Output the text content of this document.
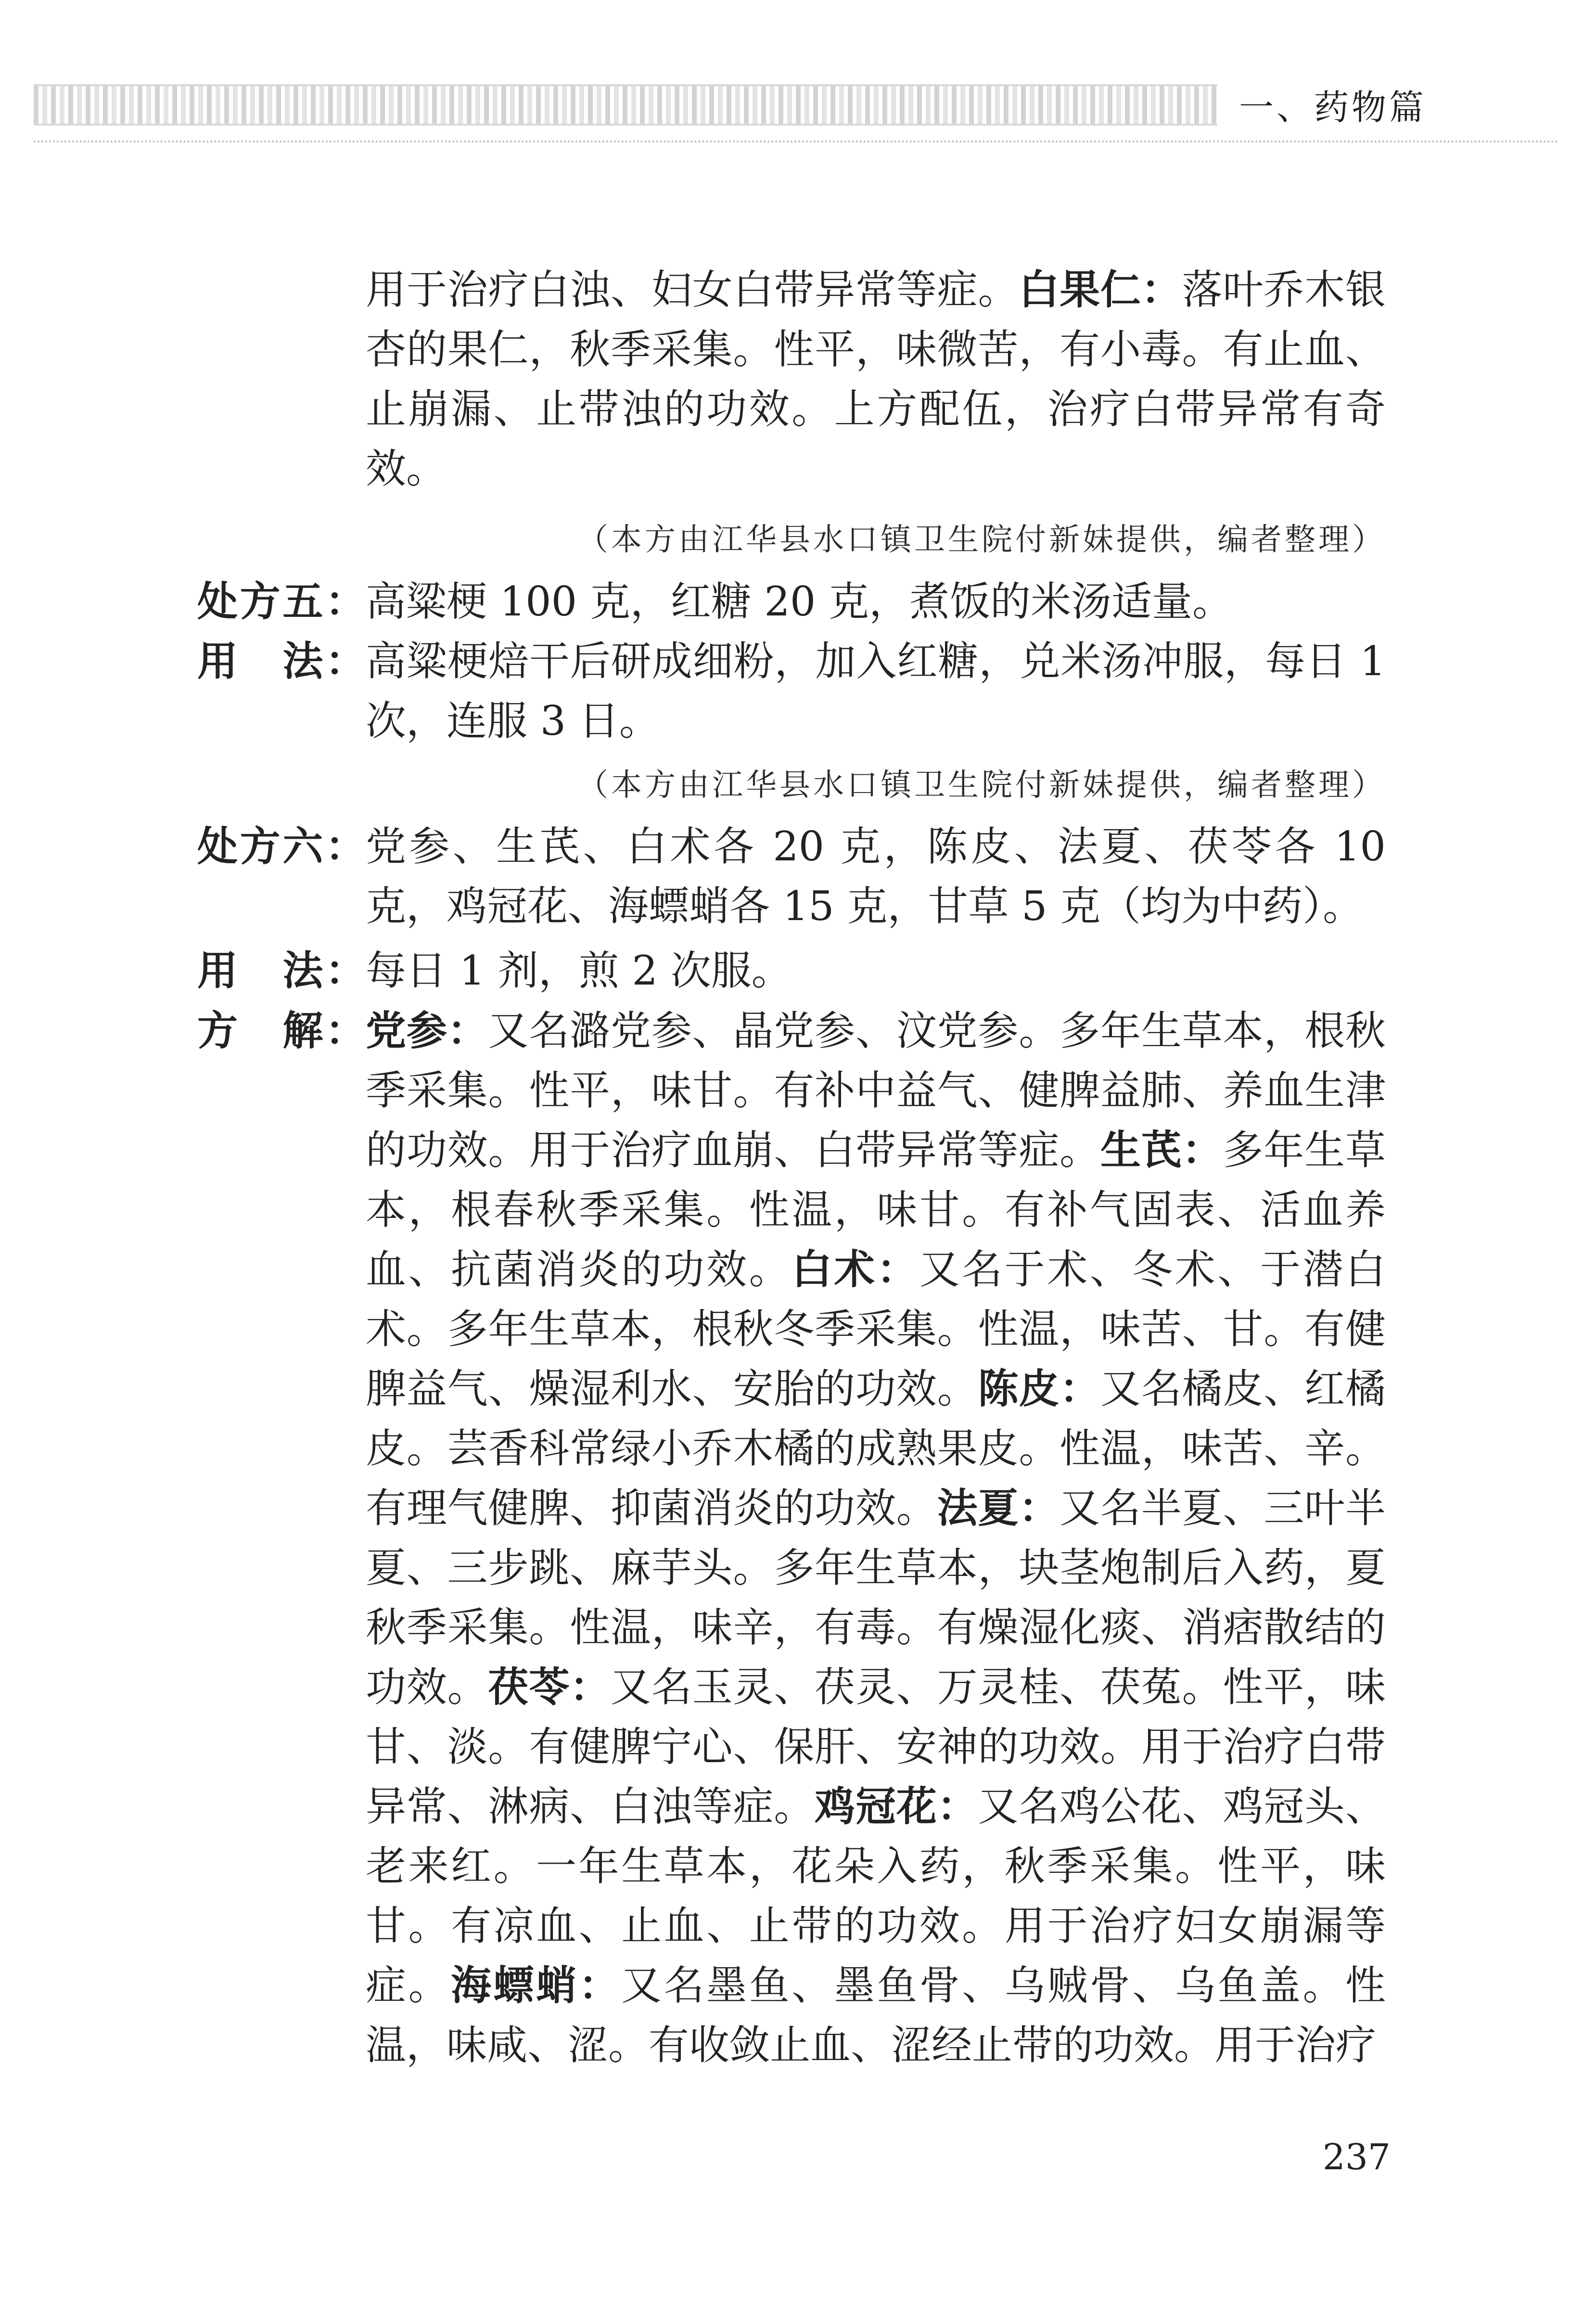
一、药物篇
用于治疗白浊、妇女白带异常等症。白果仁：落叶乔木银杏的果仁，秋季采集。性平，味微苦，有小毒。有止血、止崩漏、止带浊的功效。上方配伍，治疗白带异常有奇效。
（本方由江华县水口镇卫生院付新妹提供，编者整理）
处方五： 高粱梗 100 克，红糖 20 克，煮饭的米汤适量。
用　法： 高粱梗焙干后研成细粉，加入红糖，兑米汤冲服，每日 1 次，连服 3 日。
（本方由江华县水口镇卫生院付新妹提供，编者整理）
处方六： 党参、生芪、白术各 20 克，陈皮、法夏、茯苓各 10 克，鸡冠花、海螵蛸各 15 克，甘草 5 克（均为中药）。
用　法： 每日 1 剂，煎 2 次服。
方　解： 党参：又名潞党参、晶党参、汶党参。多年生草本，根秋季采集。性平，味甘。有补中益气、健脾益肺、养血生津的功效。用于治疗血崩、白带异常等症。生芪：多年生草本，根春秋季采集。性温，味甘。有补气固表、活血养血、抗菌消炎的功效。白术：又名于术、冬术、于潜白术。多年生草本，根秋冬季采集。性温，味苦、甘。有健脾益气、燥湿利水、安胎的功效。陈皮：又名橘皮、红橘皮。芸香科常绿小乔木橘的成熟果皮。性温，味苦、辛。有理气健脾、抑菌消炎的功效。法夏：又名半夏、三叶半夏、三步跳、麻芋头。多年生草本，块茎炮制后入药，夏秋季采集。性温，味辛，有毒。有燥湿化痰、消痞散结的功效。茯苓：又名玉灵、茯灵、万灵桂、茯菟。性平，味甘、淡。有健脾宁心、保肝、安神的功效。用于治疗白带异常、淋病、白浊等症。鸡冠花：又名鸡公花、鸡冠头、老来红。一年生草本，花朵入药，秋季采集。性平，味甘。有凉血、止血、止带的功效。用于治疗妇女崩漏等症。海螵蛸：又名墨鱼、墨鱼骨、乌贼骨、乌鱼盖。性温，味咸、涩。有收敛止血、涩经止带的功效。用于治疗
237
